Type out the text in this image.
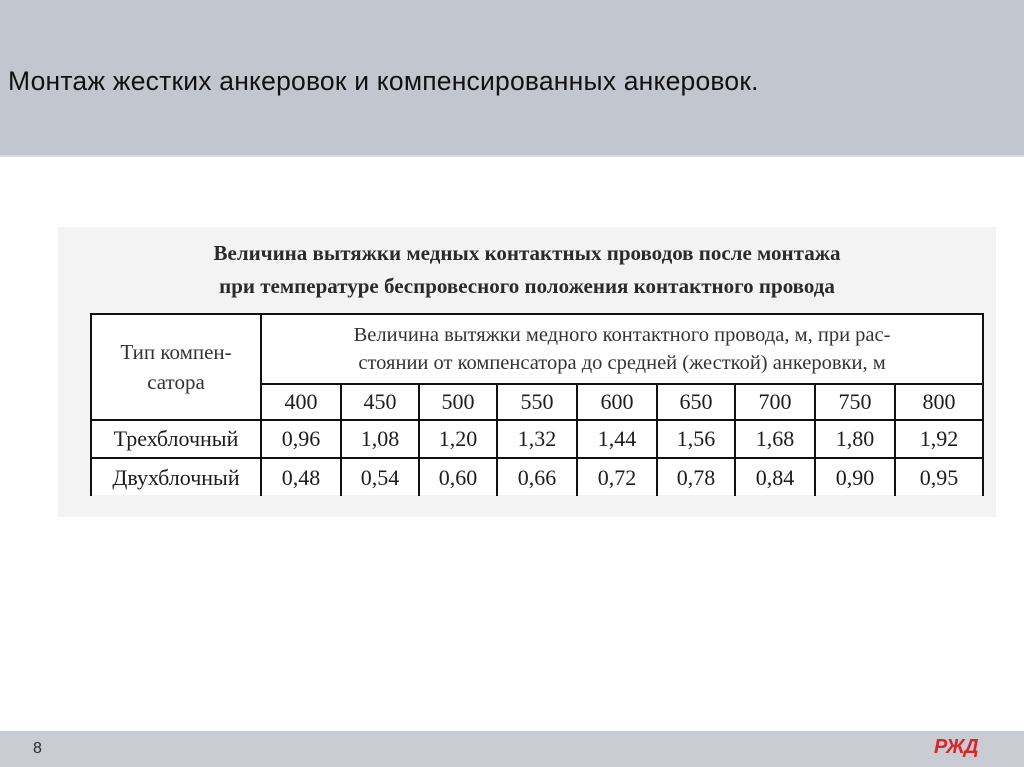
Монтаж жестких анкеровок и компенсированных анкеровок.
Величина вытяжки медных контактных проводов после монтажа
при температуре беспровесного положения контактного провода
Тип компен-
сатора	Величина вытяжки медного контактного провода, м, при рас-
стоянии от компенсатора до средней (жесткой) анкеровки, м								
	400	450	500	550	600	650	700	750	800
Трехблочный	0,96	1,08	1,20	1,32	1,44	1,56	1,68	1,80	1,92
Двухблочный	0,48	0,54	0,60	0,66	0,72	0,78	0,84	0,90	0,95
8	РЖД
